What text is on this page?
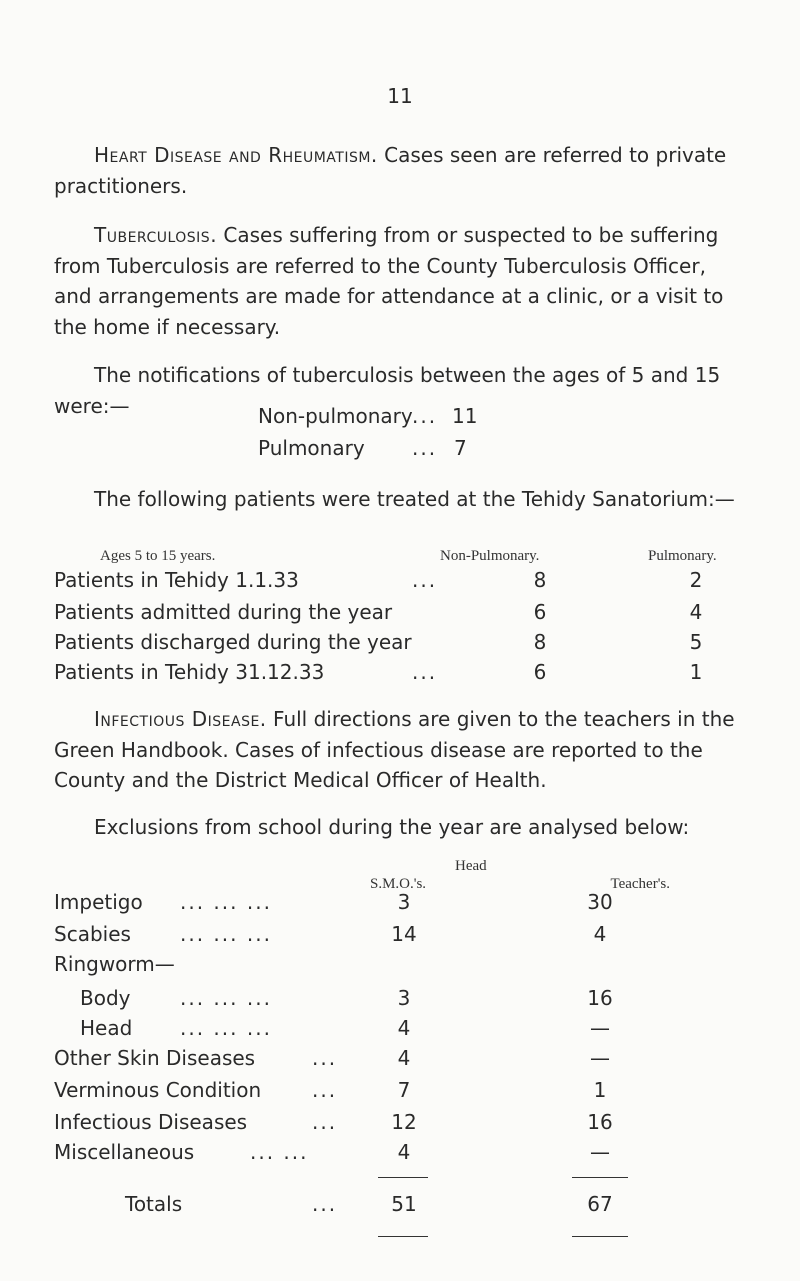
11
Heart Disease and Rheumatism. Cases seen are referred to private practitioners.
Tuberculosis. Cases suffering from or suspected to be suffering from Tuberculosis are referred to the County Tuberculosis Officer, and arrangements are made for attendance at a clinic, or a visit to the home if necessary.
The notifications of tuberculosis between the ages of 5 and 15 were:—	Non-pulmonary ... 11
Pulmonary ... 7
The following patients were treated at the Tehidy Sanatorium:—
Ages 5 to 15 years.	Non-Pulmonary.	Pulmonary.
Patients in Tehidy 1.1.33	...	8	2
Patients admitted during the year	6	4
Patients discharged during the year	8	5
Patients in Tehidy 31.12.33	...	6	1
Infectious Disease. Full directions are given to the teachers in the Green Handbook. Cases of infectious disease are reported to the County and the District Medical Officer of Health.
Exclusions from school during the year are analysed below:
Head
S.M.O.'s.	Teacher's.
Impetigo ... ... ...	3	30
Scabies ... ... ...	14	4
Ringworm—
Body ... ... ...	3	16
Head ... ... ...	4	—
Other Skin Diseases	...	4	—
Verminous Condition	...	7	1
Infectious Diseases	...	12	16
Miscellaneous	... ...	4	—
Totals	...	51	67
